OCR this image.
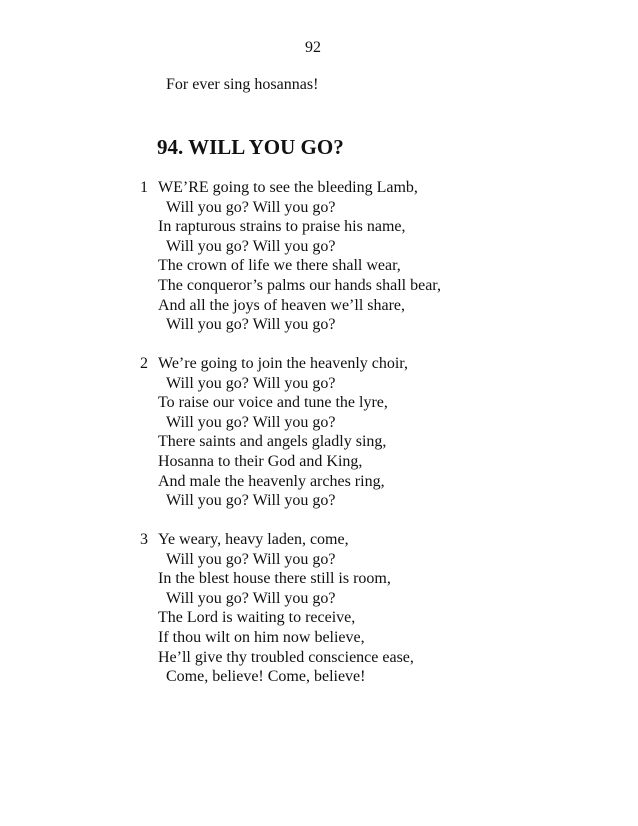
92
For ever sing hosannas!
94. WILL YOU GO?
1 WE’RE going to see the bleeding Lamb,
Will you go? Will you go?
In rapturous strains to praise his name,
Will you go? Will you go?
The crown of life we there shall wear,
The conqueror’s palms our hands shall bear,
And all the joys of heaven we’ll share,
Will you go? Will you go?
2 We’re going to join the heavenly choir,
Will you go? Will you go?
To raise our voice and tune the lyre,
Will you go? Will you go?
There saints and angels gladly sing,
Hosanna to their God and King,
And male the heavenly arches ring,
Will you go? Will you go?
3 Ye weary, heavy laden, come,
Will you go? Will you go?
In the blest house there still is room,
Will you go? Will you go?
The Lord is waiting to receive,
If thou wilt on him now believe,
He’ll give thy troubled conscience ease,
Come, believe! Come, believe!
